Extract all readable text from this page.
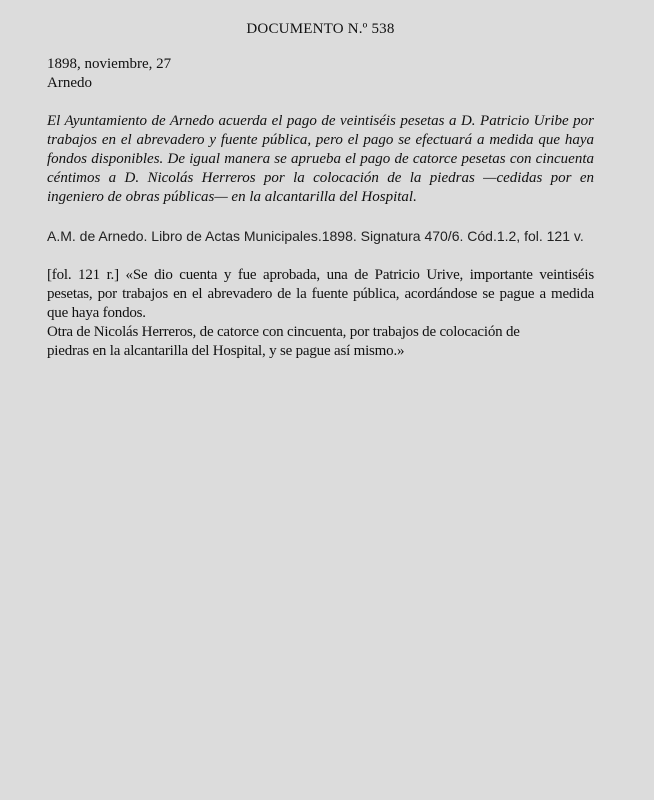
DOCUMENTO N.º 538

1898, noviembre, 27

Arnedo

El Ayuntamiento de Arnedo acuerda el pago de veintiséis pesetas a D. Patricio Uribe por trabajos en el abrevadero y fuente pública, pero el pago se efectuará a medida que haya fondos disponibles. De igual manera se aprueba el pago de catorce pesetas con cincuenta céntimos a D. Nicolás Herreros por la colocación de la piedras —cedidas por en ingeniero de obras públicas— en la alcantarilla del Hospital.

A.M. de Arnedo. Libro de Actas Municipales.1898. Signatura 470/6. Cód.1.2, fol. 121 v.

[fol. 121 r.] «Se dio cuenta y fue aprobada, una de Patricio Urive, importante veintiséis pesetas, por trabajos en el abrevadero de la fuente pública, acordándose se pague a medida que haya fondos.

Otra de Nicolás Herreros, de catorce con cincuenta, por trabajos de colocación de

piedras en la alcantarilla del Hospital, y se pague así mismo.»
